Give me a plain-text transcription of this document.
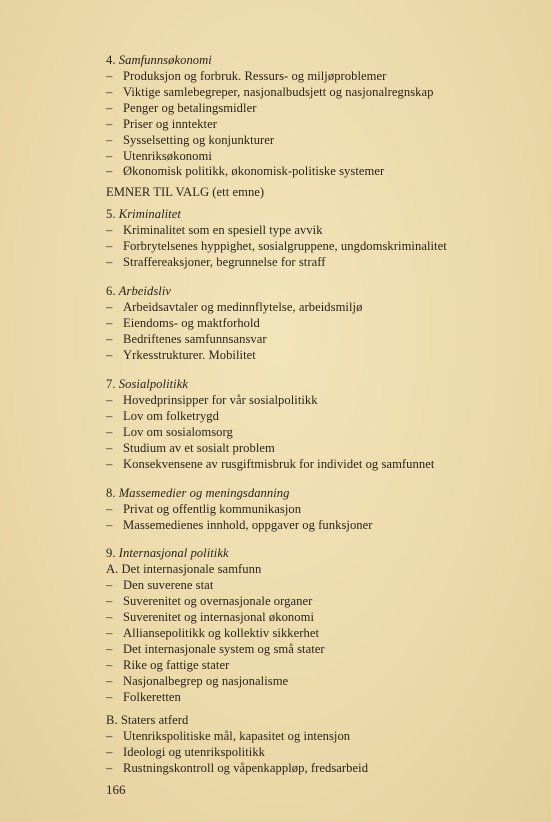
4. Samfunnsøkonomi
– Produksjon og forbruk. Ressurs- og miljøproblemer
– Viktige samlebegreper, nasjonalbudsjett og nasjonalregnskap
– Penger og betalingsmidler
– Priser og inntekter
– Sysselsetting og konjunkturer
– Utenriksøkonomi
– Økonomisk politikk, økonomisk-politiske systemer
EMNER TIL VALG (ett emne)
5. Kriminalitet
– Kriminalitet som en spesiell type avvik
– Forbrytelsenes hyppighet, sosialgruppene, ungdomskriminalitet
– Straffereaksjoner, begrunnelse for straff
6. Arbeidsliv
– Arbeidsavtaler og medinnflytelse, arbeidsmiljø
– Eiendoms- og maktforhold
– Bedriftenes samfunnsansvar
– Yrkesstrukturer. Mobilitet
7. Sosialpolitikk
– Hovedprinsipper for vår sosialpolitikk
– Lov om folketrygd
– Lov om sosialomsorg
– Studium av et sosialt problem
– Konsekvensene av rusgiftmisbruk for individet og samfunnet
8. Massemedier og meningsdanning
– Privat og offentlig kommunikasjon
– Massemedienes innhold, oppgaver og funksjoner
9. Internasjonal politikk
A. Det internasjonale samfunn
– Den suverene stat
– Suverenitet og overnasjonale organer
– Suverenitet og internasjonal økonomi
– Alliansepolitikk og kollektiv sikkerhet
– Det internasjonale system og små stater
– Rike og fattige stater
– Nasjonalbegrep og nasjonalisme
– Folkeretten
B. Staters atferd
– Utenrikspolitiske mål, kapasitet og intensjon
– Ideologi og utenrikspolitikk
– Rustningskontroll og våpenkappløp, fredsarbeid
166
